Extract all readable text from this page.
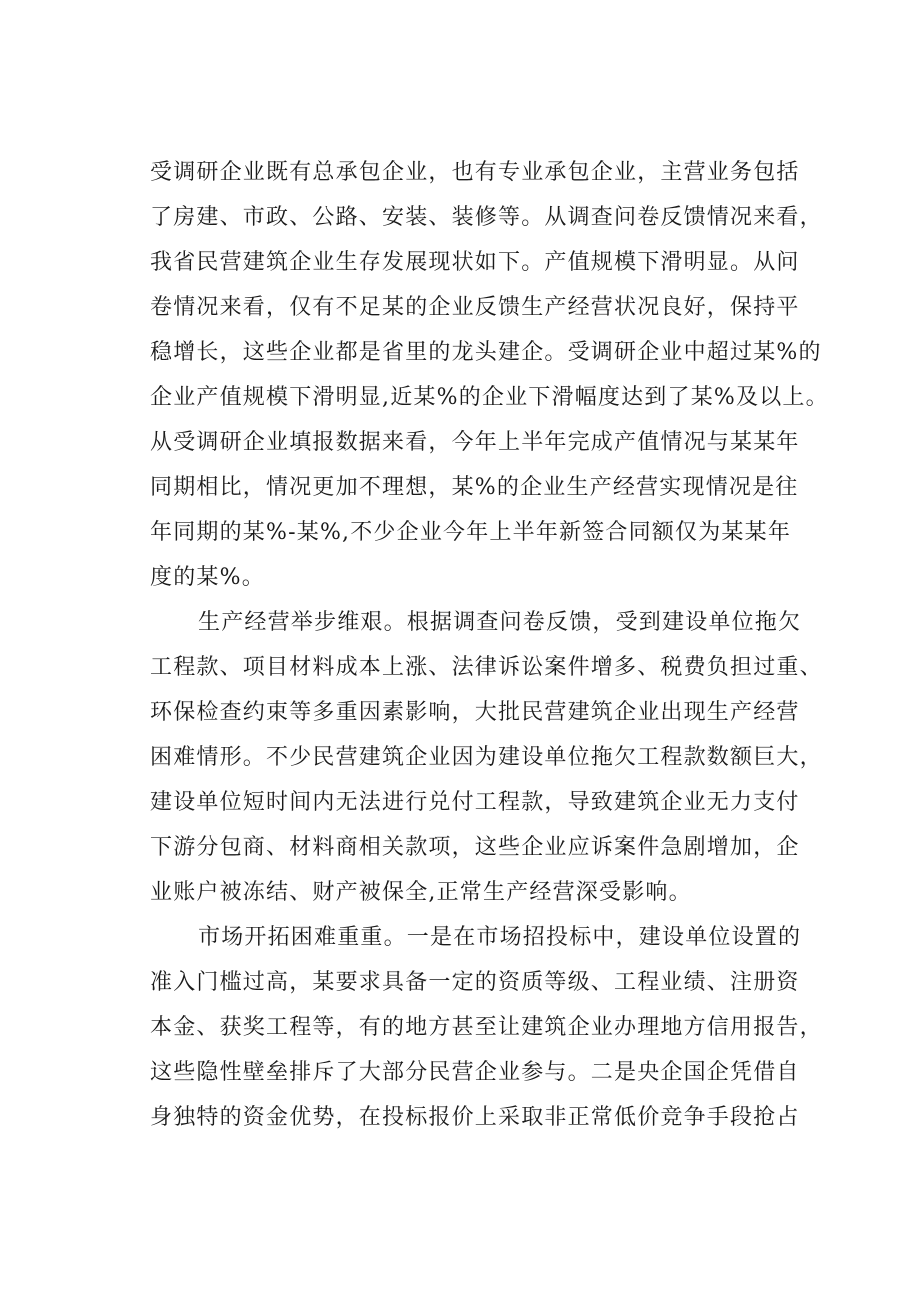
受调研企业既有总承包企业，也有专业承包企业，主营业务包括
了房建、市政、公路、安装、装修等。从调查问卷反馈情况来看，
我省民营建筑企业生存发展现状如下。产值规模下滑明显。从问
卷情况来看，仅有不足某的企业反馈生产经营状况良好，保持平
稳增长，这些企业都是省里的龙头建企。受调研企业中超过某%的
企业产值规模下滑明显,近某%的企业下滑幅度达到了某%及以上。
从受调研企业填报数据来看，今年上半年完成产值情况与某某年
同期相比，情况更加不理想，某%的企业生产经营实现情况是往
年同期的某%-某%,不少企业今年上半年新签合同额仅为某某年
度的某%。
生产经营举步维艰。根据调查问卷反馈，受到建设单位拖欠
工程款、项目材料成本上涨、法律诉讼案件增多、税费负担过重、
环保检查约束等多重因素影响，大批民营建筑企业出现生产经营
困难情形。不少民营建筑企业因为建设单位拖欠工程款数额巨大，
建设单位短时间内无法进行兑付工程款，导致建筑企业无力支付
下游分包商、材料商相关款项，这些企业应诉案件急剧增加，企
业账户被冻结、财产被保全,正常生产经营深受影响。
市场开拓困难重重。一是在市场招投标中，建设单位设置的
准入门槛过高，某要求具备一定的资质等级、工程业绩、注册资
本金、获奖工程等，有的地方甚至让建筑企业办理地方信用报告，
这些隐性壁垒排斥了大部分民营企业参与。二是央企国企凭借自
身独特的资金优势，在投标报价上采取非正常低价竞争手段抢占
